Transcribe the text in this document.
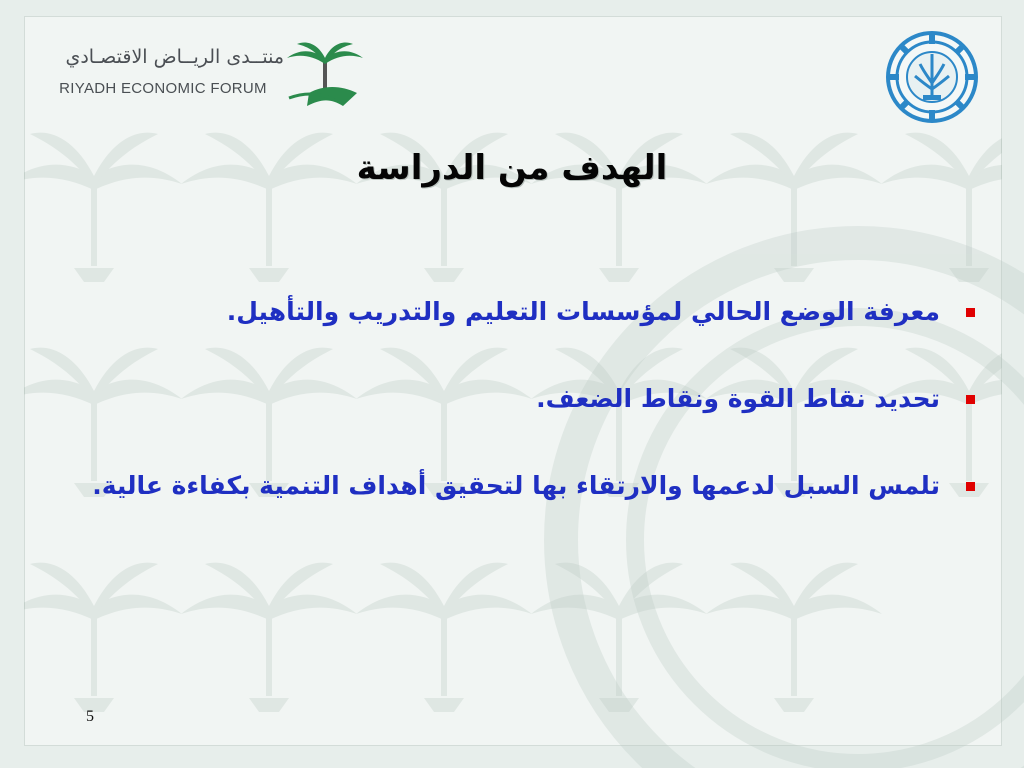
منتــدى الريــاض الاقتصـادي
RIYADH ECONOMIC FORUM
الهدف من الدراسة
معرفة الوضع الحالي لمؤسسات التعليم والتدريب والتأهيل.
تحديد نقاط القوة ونقاط الضعف.
تلمس السبل لدعمها والارتقاء بها لتحقيق أهداف التنمية بكفاءة عالية.
5
